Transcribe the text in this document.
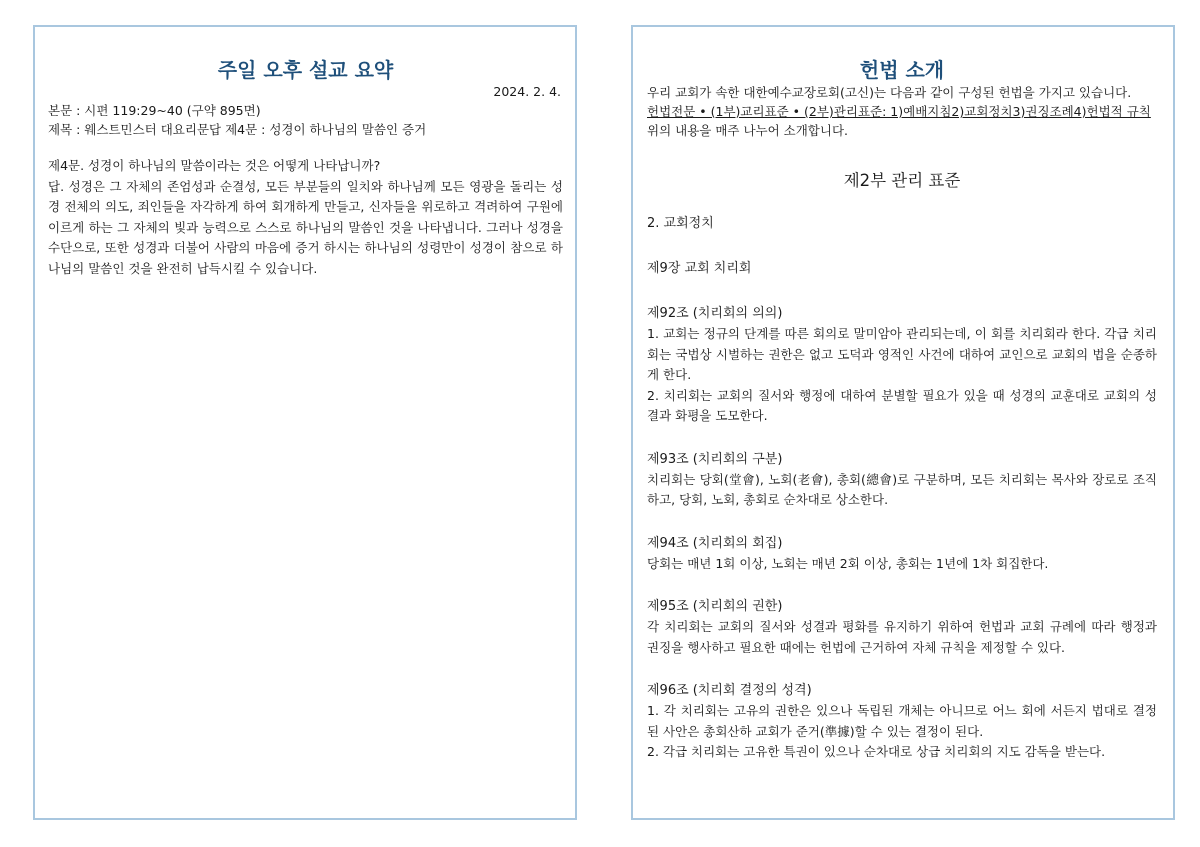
주일 오후 설교 요약
2024. 2. 4.
본문 : 시편 119:29~40 (구약 895면)
제목 : 웨스트민스터 대요리문답 제4문 : 성경이 하나님의 말씀인 증거
제4문. 성경이 하나님의 말씀이라는 것은 어떻게 나타납니까?
답. 성경은 그 자체의 존엄성과 순결성, 모든 부분들의 일치와 하나님께 모든 영광을 돌리는 성경 전체의 의도, 죄인들을 자각하게 하여 회개하게 만들고, 신자들을 위로하고 격려하여 구원에 이르게 하는 그 자체의 빛과 능력으로 스스로 하나님의 말씀인 것을 나타냅니다. 그러나 성경을 수단으로, 또한 성경과 더불어 사람의 마음에 증거 하시는 하나님의 성령만이 성경이 참으로 하나님의 말씀인 것을 완전히 납득시킬 수 있습니다.
헌법 소개
우리 교회가 속한 대한예수교장로회(고신)는 다음과 같이 구성된 헌법을 가지고 있습니다.
헌법전문 • (1부)교리표준 • (2부)관리표준: 1)예배지침2)교회정치3)권징조례4)헌법적 규칙
위의 내용을 매주 나누어 소개합니다.
제2부 관리 표준
2. 교회정치
제9장 교회 치리회
제92조 (치리회의 의의)
1. 교회는 정규의 단계를 따른 회의로 말미암아 관리되는데, 이 회를 치리회라 한다. 각급 치리회는 국법상 시벌하는 권한은 없고 도덕과 영적인 사건에 대하여 교인으로 교회의 법을 순종하게 한다.
2. 치리회는 교회의 질서와 행정에 대하여 분별할 필요가 있을 때 성경의 교훈대로 교회의 성결과 화평을 도모한다.
제93조 (치리회의 구분)
치리회는 당회(堂會), 노회(老會), 총회(總會)로 구분하며, 모든 치리회는 목사와 장로로 조직하고, 당회, 노회, 총회로 순차대로 상소한다.
제94조 (치리회의 회집)
당회는 매년 1회 이상, 노회는 매년 2회 이상, 총회는 1년에 1차 회집한다.
제95조 (치리회의 권한)
각 치리회는 교회의 질서와 성결과 평화를 유지하기 위하여 헌법과 교회 규례에 따라 행정과 권징을 행사하고 필요한 때에는 헌법에 근거하여 자체 규칙을 제정할 수 있다.
제96조 (치리회 결정의 성격)
1. 각 치리회는 고유의 권한은 있으나 독립된 개체는 아니므로 어느 회에 서든지 법대로 결정된 사안은 총회산하 교회가 준거(準據)할 수 있는 결정이 된다.
2. 각급 치리회는 고유한 특권이 있으나 순차대로 상급 치리회의 지도 감독을 받는다.
